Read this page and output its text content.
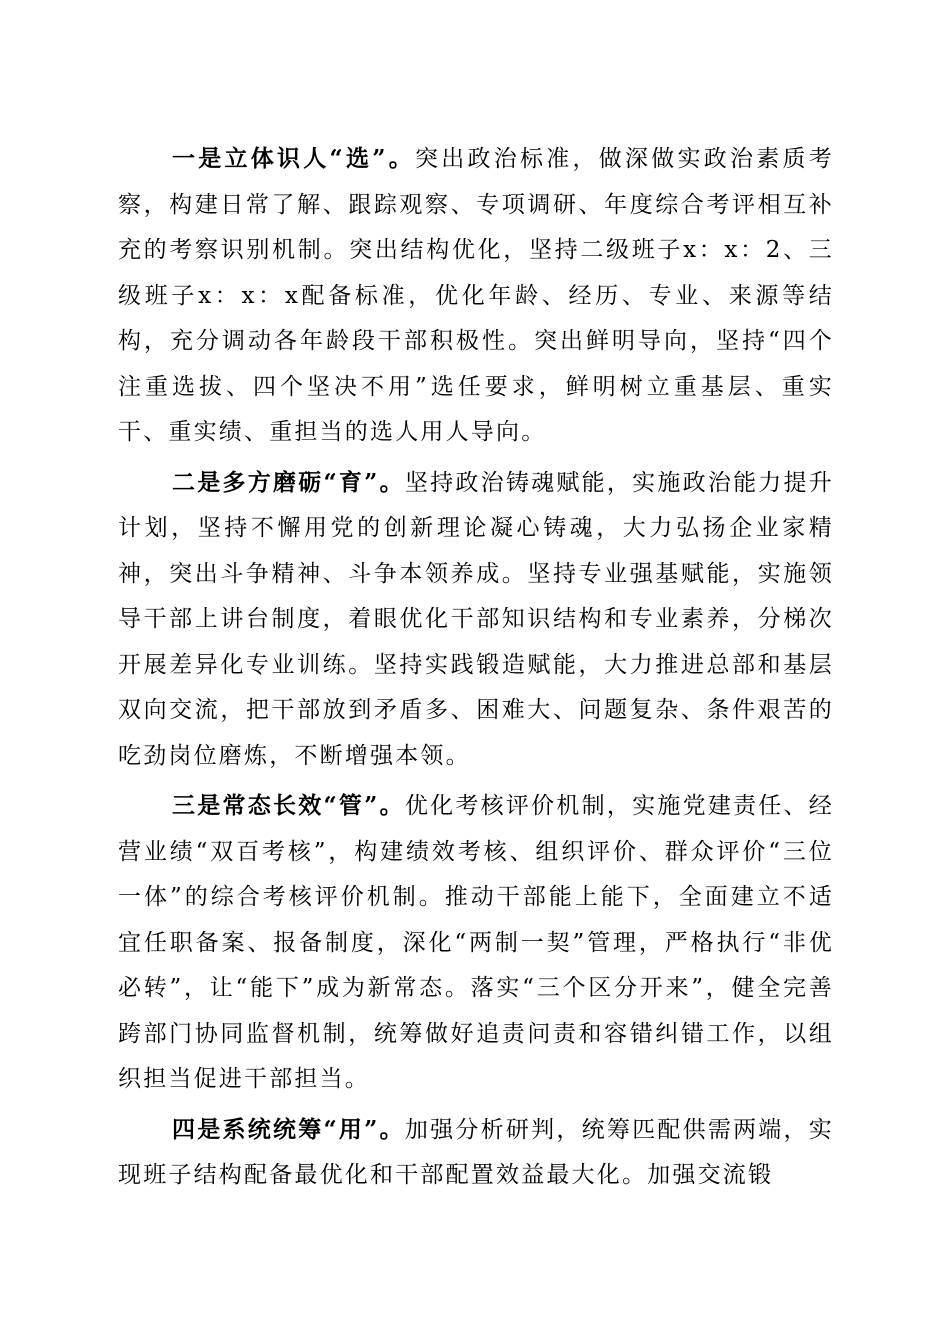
一是立体识人“选”。突出政治标准，做深做实政治素质考察，构建日常了解、跟踪观察、专项调研、年度综合考评相互补充的考察识别机制。突出结构优化，坚持二级班子x：x：2、三级班子x：x：x配备标准，优化年龄、经历、专业、来源等结构，充分调动各年龄段干部积极性。突出鲜明导向，坚持“四个注重选拔、四个坚决不用”选任要求，鲜明树立重基层、重实干、重实绩、重担当的选人用人导向。

二是多方磨砺“育”。坚持政治铸魂赋能，实施政治能力提升计划，坚持不懈用党的创新理论凝心铸魂，大力弘扬企业家精神，突出斗争精神、斗争本领养成。坚持专业强基赋能，实施领导干部上讲台制度，着眼优化干部知识结构和专业素养，分梯次开展差异化专业训练。坚持实践锻造赋能，大力推进总部和基层双向交流，把干部放到矛盾多、困难大、问题复杂、条件艰苦的吃劲岗位磨炼，不断增强本领。

三是常态长效“管”。优化考核评价机制，实施党建责任、经营业绩“双百考核”，构建绩效考核、组织评价、群众评价“三位一体”的综合考核评价机制。推动干部能上能下，全面建立不适宜任职备案、报备制度，深化“两制一契”管理，严格执行“非优必转”，让“能下”成为新常态。落实“三个区分开来”，健全完善跨部门协同监督机制，统筹做好追责问责和容错纠错工作，以组织担当促进干部担当。

四是系统统筹“用”。加强分析研判，统筹匹配供需两端，实现班子结构配备最优化和干部配置效益最大化。加强交流锻
